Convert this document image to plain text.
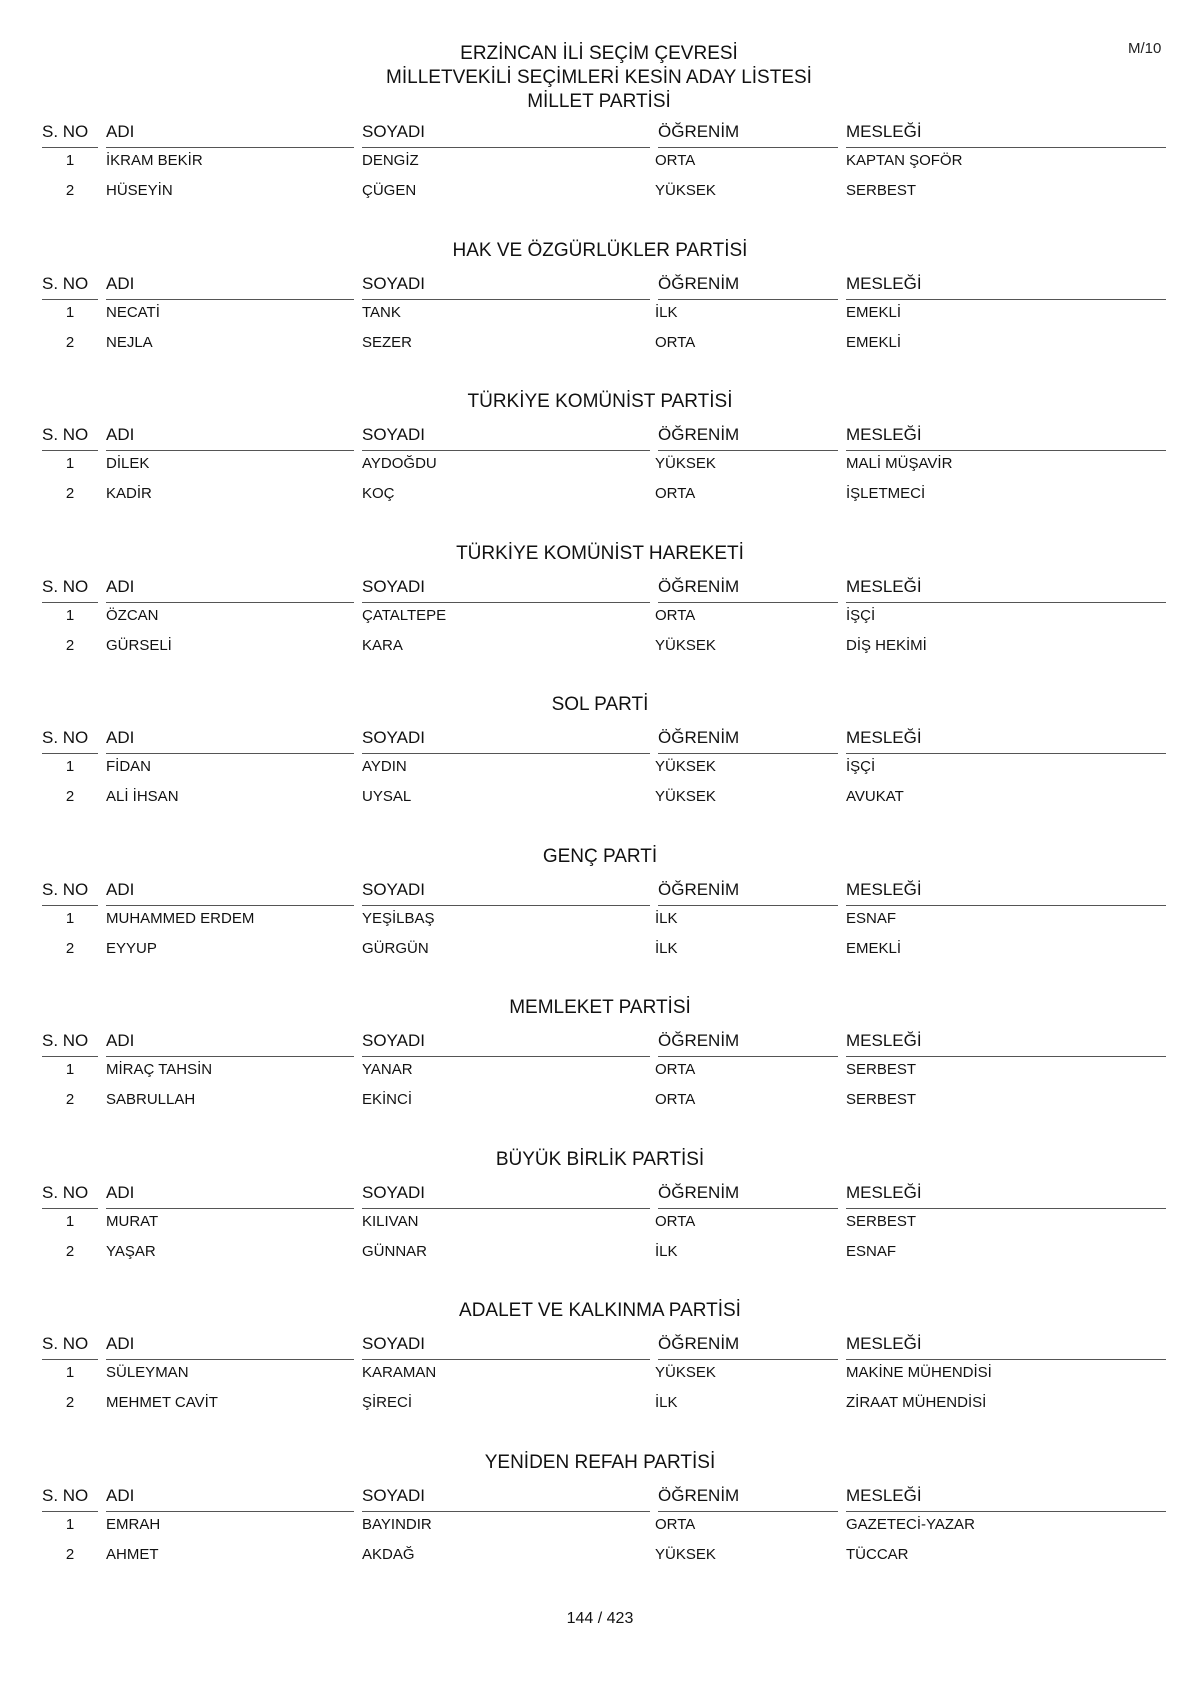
M/10
ERZİNCAN İLİ SEÇİM ÇEVRESİ
MİLLETVEKİLİ SEÇİMLERİ KESİN ADAY LİSTESİ
MİLLET PARTİSİ
S. NO	ADI	SOYADI	ÖĞRENİM	MESLEĞİ
1	İKRAM BEKİR	DENGİZ	ORTA	KAPTAN ŞOFÖR
2	HÜSEYİN	ÇÜGEN	YÜKSEK	SERBEST
HAK VE ÖZGÜRLÜKLER PARTİSİ
S. NO	ADI	SOYADI	ÖĞRENİM	MESLEĞİ
1	NECATİ	TANK	İLK	EMEKLİ
2	NEJLA	SEZER	ORTA	EMEKLİ
TÜRKİYE KOMÜNİST PARTİSİ
S. NO	ADI	SOYADI	ÖĞRENİM	MESLEĞİ
1	DİLEK	AYDOĞDU	YÜKSEK	MALİ MÜŞAVİR
2	KADİR	KOÇ	ORTA	İŞLETMECİ
TÜRKİYE KOMÜNİST HAREKETİ
S. NO	ADI	SOYADI	ÖĞRENİM	MESLEĞİ
1	ÖZCAN	ÇATALTEPE	ORTA	İŞÇİ
2	GÜRSELİ	KARA	YÜKSEK	DİŞ HEKİMİ
SOL PARTİ
S. NO	ADI	SOYADI	ÖĞRENİM	MESLEĞİ
1	FİDAN	AYDIN	YÜKSEK	İŞÇİ
2	ALİ İHSAN	UYSAL	YÜKSEK	AVUKAT
GENÇ PARTİ
S. NO	ADI	SOYADI	ÖĞRENİM	MESLEĞİ
1	MUHAMMED ERDEM	YEŞİLBAŞ	İLK	ESNAF
2	EYYUP	GÜRGÜN	İLK	EMEKLİ
MEMLEKET PARTİSİ
S. NO	ADI	SOYADI	ÖĞRENİM	MESLEĞİ
1	MİRAÇ TAHSİN	YANAR	ORTA	SERBEST
2	SABRULLAH	EKİNCİ	ORTA	SERBEST
BÜYÜK BİRLİK PARTİSİ
S. NO	ADI	SOYADI	ÖĞRENİM	MESLEĞİ
1	MURAT	KILIVAN	ORTA	SERBEST
2	YAŞAR	GÜNNAR	İLK	ESNAF
ADALET VE KALKINMA PARTİSİ
S. NO	ADI	SOYADI	ÖĞRENİM	MESLEĞİ
1	SÜLEYMAN	KARAMAN	YÜKSEK	MAKİNE MÜHENDİSİ
2	MEHMET CAVİT	ŞİRECİ	İLK	ZİRAAT MÜHENDİSİ
YENİDEN REFAH PARTİSİ
S. NO	ADI	SOYADI	ÖĞRENİM	MESLEĞİ
1	EMRAH	BAYINDIR	ORTA	GAZETECİ-YAZAR
2	AHMET	AKDAĞ	YÜKSEK	TÜCCAR
144 / 423
